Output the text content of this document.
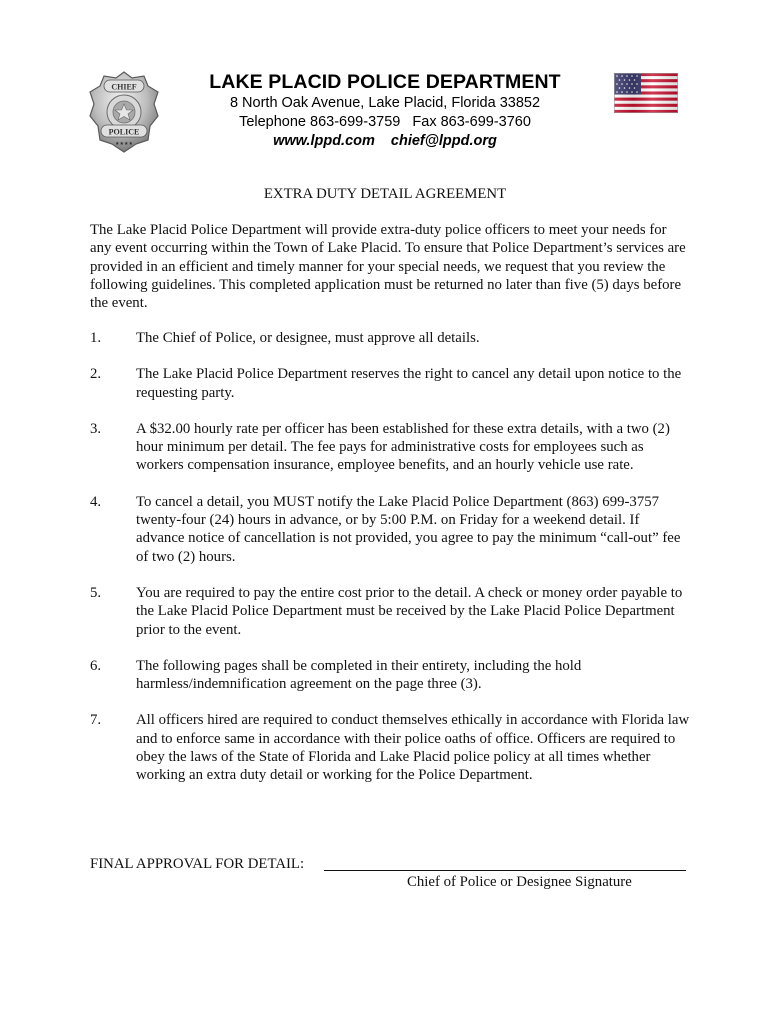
CHIEF
POLICE
★★★★
LAKE PLACID POLICE DEPARTMENT
8 North Oak Avenue, Lake Placid, Florida 33852
Telephone 863-699-3759   Fax 863-699-3760
www.lppd.com chief@lppd.org
EXTRA DUTY DETAIL AGREEMENT

The Lake Placid Police Department will provide extra-duty police officers to meet your needs for any event occurring within the Town of Lake Placid. To ensure that Police Department’s services are provided in an efficient and timely manner for your special needs, we request that you review the following guidelines. This completed application must be returned no later than five (5) days before the event.

1. The Chief of Police, or designee, must approve all details.
2. The Lake Placid Police Department reserves the right to cancel any detail upon notice to the requesting party.
3. A $32.00 hourly rate per officer has been established for these extra details, with a two (2) hour minimum per detail. The fee pays for administrative costs for employees such as workers compensation insurance, employee benefits, and an hourly vehicle use rate.
4. To cancel a detail, you MUST notify the Lake Placid Police Department (863) 699-3757 twenty-four (24) hours in advance, or by 5:00 P.M. on Friday for a weekend detail. If advance notice of cancellation is not provided, you agree to pay the minimum “call-out” fee of two (2) hours.
5. You are required to pay the entire cost prior to the detail. A check or money order payable to the Lake Placid Police Department must be received by the Lake Placid Police Department prior to the event.
6. The following pages shall be completed in their entirety, including the hold harmless/indemnification agreement on the page three (3).
7. All officers hired are required to conduct themselves ethically in accordance with Florida law and to enforce same in accordance with their police oaths of office. Officers are required to obey the laws of the State of Florida and Lake Placid police policy at all times whether working an extra duty detail or working for the Police Department.
FINAL APPROVAL FOR DETAIL:
Chief of Police or Designee Signature
